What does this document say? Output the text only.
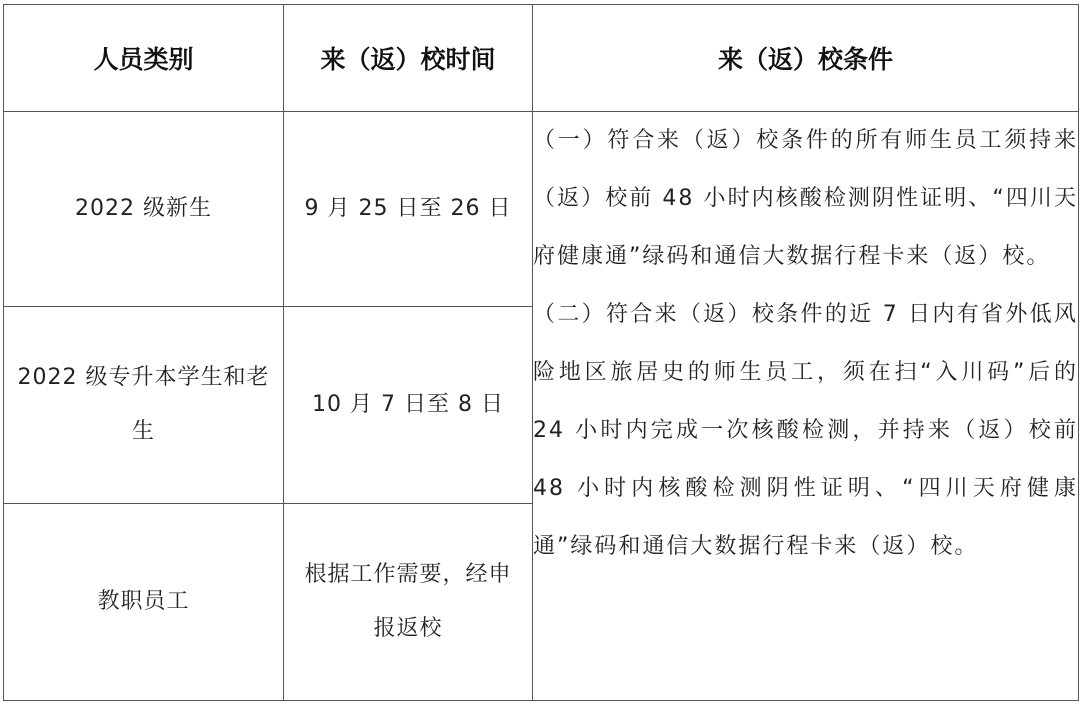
人员类别	来（返）校时间	来（返）校条件
2022 级新生	9 月 25 日至 26 日	（一）符合来（返）校条件的所有师生员工须持来（返）校前 48 小时内核酸检测阴性证明、“四川天府健康通”绿码和通信大数据行程卡来（返）校。
（二）符合来（返）校条件的近 7 日内有省外低风险地区旅居史的师生员工，须在扫“入川码”后的 24 小时内完成一次核酸检测，并持来（返）校前 48 小时内核酸检测阴性证明、“四川天府健康通”绿码和通信大数据行程卡来（返）校。

2022 级专升本学生和老生	10 月 7 日至 8 日	
教职员工	根据工作需要，经申报返校	
